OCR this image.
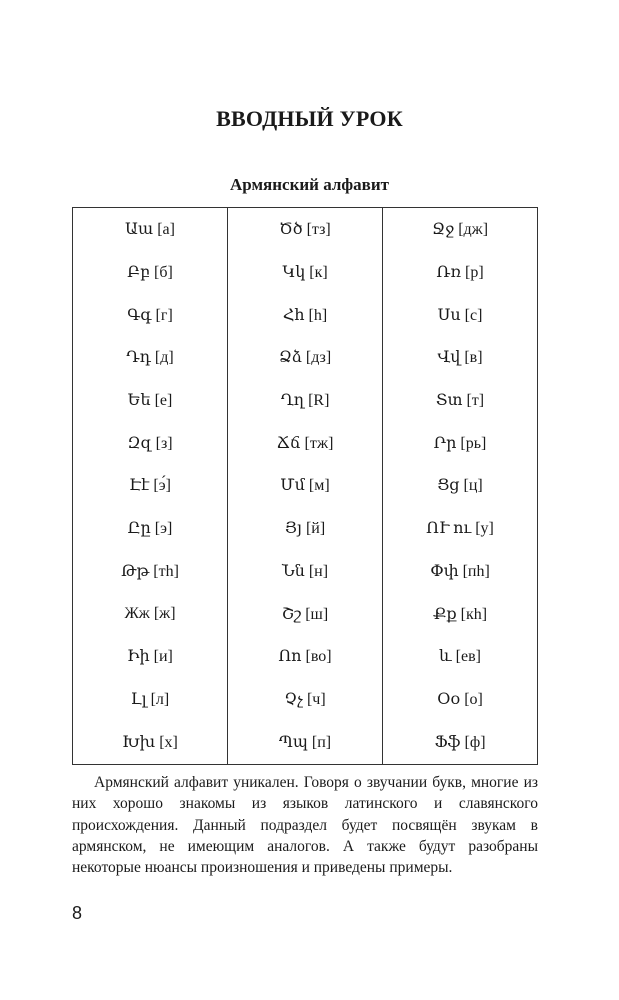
ВВОДНЫЙ УРОК
Армянский алфавит
Աա [а]
Բբ [б]
Գգ [г]
Դդ [д]
Եե [е]
Զզ [з]
Էէ [э́]
Ըը [э]
Թթ [тh]
Жж [ж]
Իի [и]
Լլ [л]
Խխ [х]
Ծծ [тз]
Կկ [к]
Հհ [h]
Ձձ [дз]
Ղղ [R]
Ճճ [тж]
Մմ [м]
Յյ [й]
Նն [н]
Շշ [ш]
Ոո [во]
Չչ [ч]
Պպ [п]
Ջջ [дж]
Ռռ [р]
Սս [с]
Վվ [в]
Տտ [т]
Րր [рь]
Ցց [ц]
ՈՒ ու [у]
Փփ [пh]
Քք [кh]
և [ев]
Օօ [о]
Ֆֆ [ф]
Армянский алфавит уникален. Говоря о звучании букв, многие из них хорошо знакомы из языков латинского и славянского происхождения. Данный подраздел будет посвящён звукам в армянском, не имеющим аналогов. А также будут разобраны некоторые нюансы произношения и приведены примеры.
8
